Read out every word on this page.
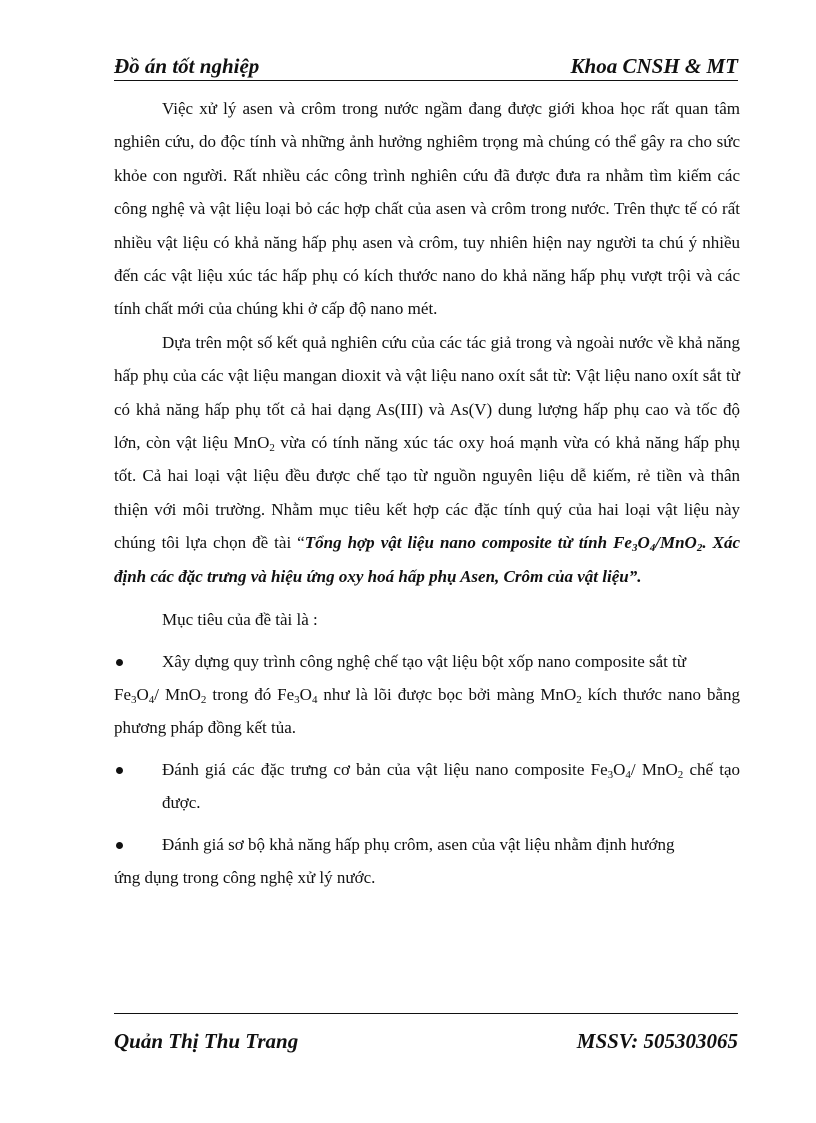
Đồ án tốt nghiệp	Khoa CNSH & MT

Việc xử lý asen và crôm trong nước ngầm đang được giới khoa học rất quan tâm nghiên cứu, do độc tính và những ảnh hưởng nghiêm trọng mà chúng có thể gây ra cho sức khỏe con người. Rất nhiều các công trình nghiên cứu đã được đưa ra nhằm tìm kiếm các công nghệ và vật liệu loại bỏ các hợp chất của asen và crôm trong nước. Trên thực tế có rất nhiều vật liệu có khả năng hấp phụ asen và crôm, tuy nhiên hiện nay người ta chú ý nhiều đến các vật liệu xúc tác hấp phụ có kích thước nano do khả năng hấp phụ vượt trội và các tính chất mới của chúng khi ở cấp độ nano mét.

Dựa trên một số kết quả nghiên cứu của các tác giả trong và ngoài nước về khả năng hấp phụ của các vật liệu mangan dioxit và vật liệu nano oxít sắt từ: Vật liệu nano oxít sắt từ có khả năng hấp phụ tốt cả hai dạng As(III) và As(V) dung lượng hấp phụ cao và tốc độ lớn, còn vật liệu MnO$_2$ vừa có tính năng xúc tác oxy hoá mạnh vừa có khả năng hấp phụ tốt. Cả hai loại vật liệu đều được chế tạo từ nguồn nguyên liệu dễ kiếm, rẻ tiền và thân thiện với môi trường. Nhằm mục tiêu kết hợp các đặc tính quý của hai loại vật liệu này chúng tôi lựa chọn đề tài “Tổng hợp vật liệu nano composite từ tính $Fe_3O_4/MnO_2$. Xác định các đặc trưng và hiệu ứng oxy hoá hấp phụ Asen, Crôm của vật liệu”.

Mục tiêu của đề tài là :

Xây dựng quy trình công nghệ chế tạo vật liệu bột xốp nano composite sắt từ

$Fe_3O_4/$ MnO$_2$ trong đó $Fe_3O_4$ như là lõi được bọc bởi màng MnO$_2$ kích thước nano bằng phương pháp đồng kết tủa.

Đánh giá các đặc trưng cơ bản của vật liệu nano composite $Fe_3O_4/$ MnO$_2$ chế tạo được.
Đánh giá sơ bộ khả năng hấp phụ crôm, asen của vật liệu nhằm định hướng

ứng dụng trong công nghệ xử lý nước.

Quản Thị Thu Trang	MSSV: 505303065
